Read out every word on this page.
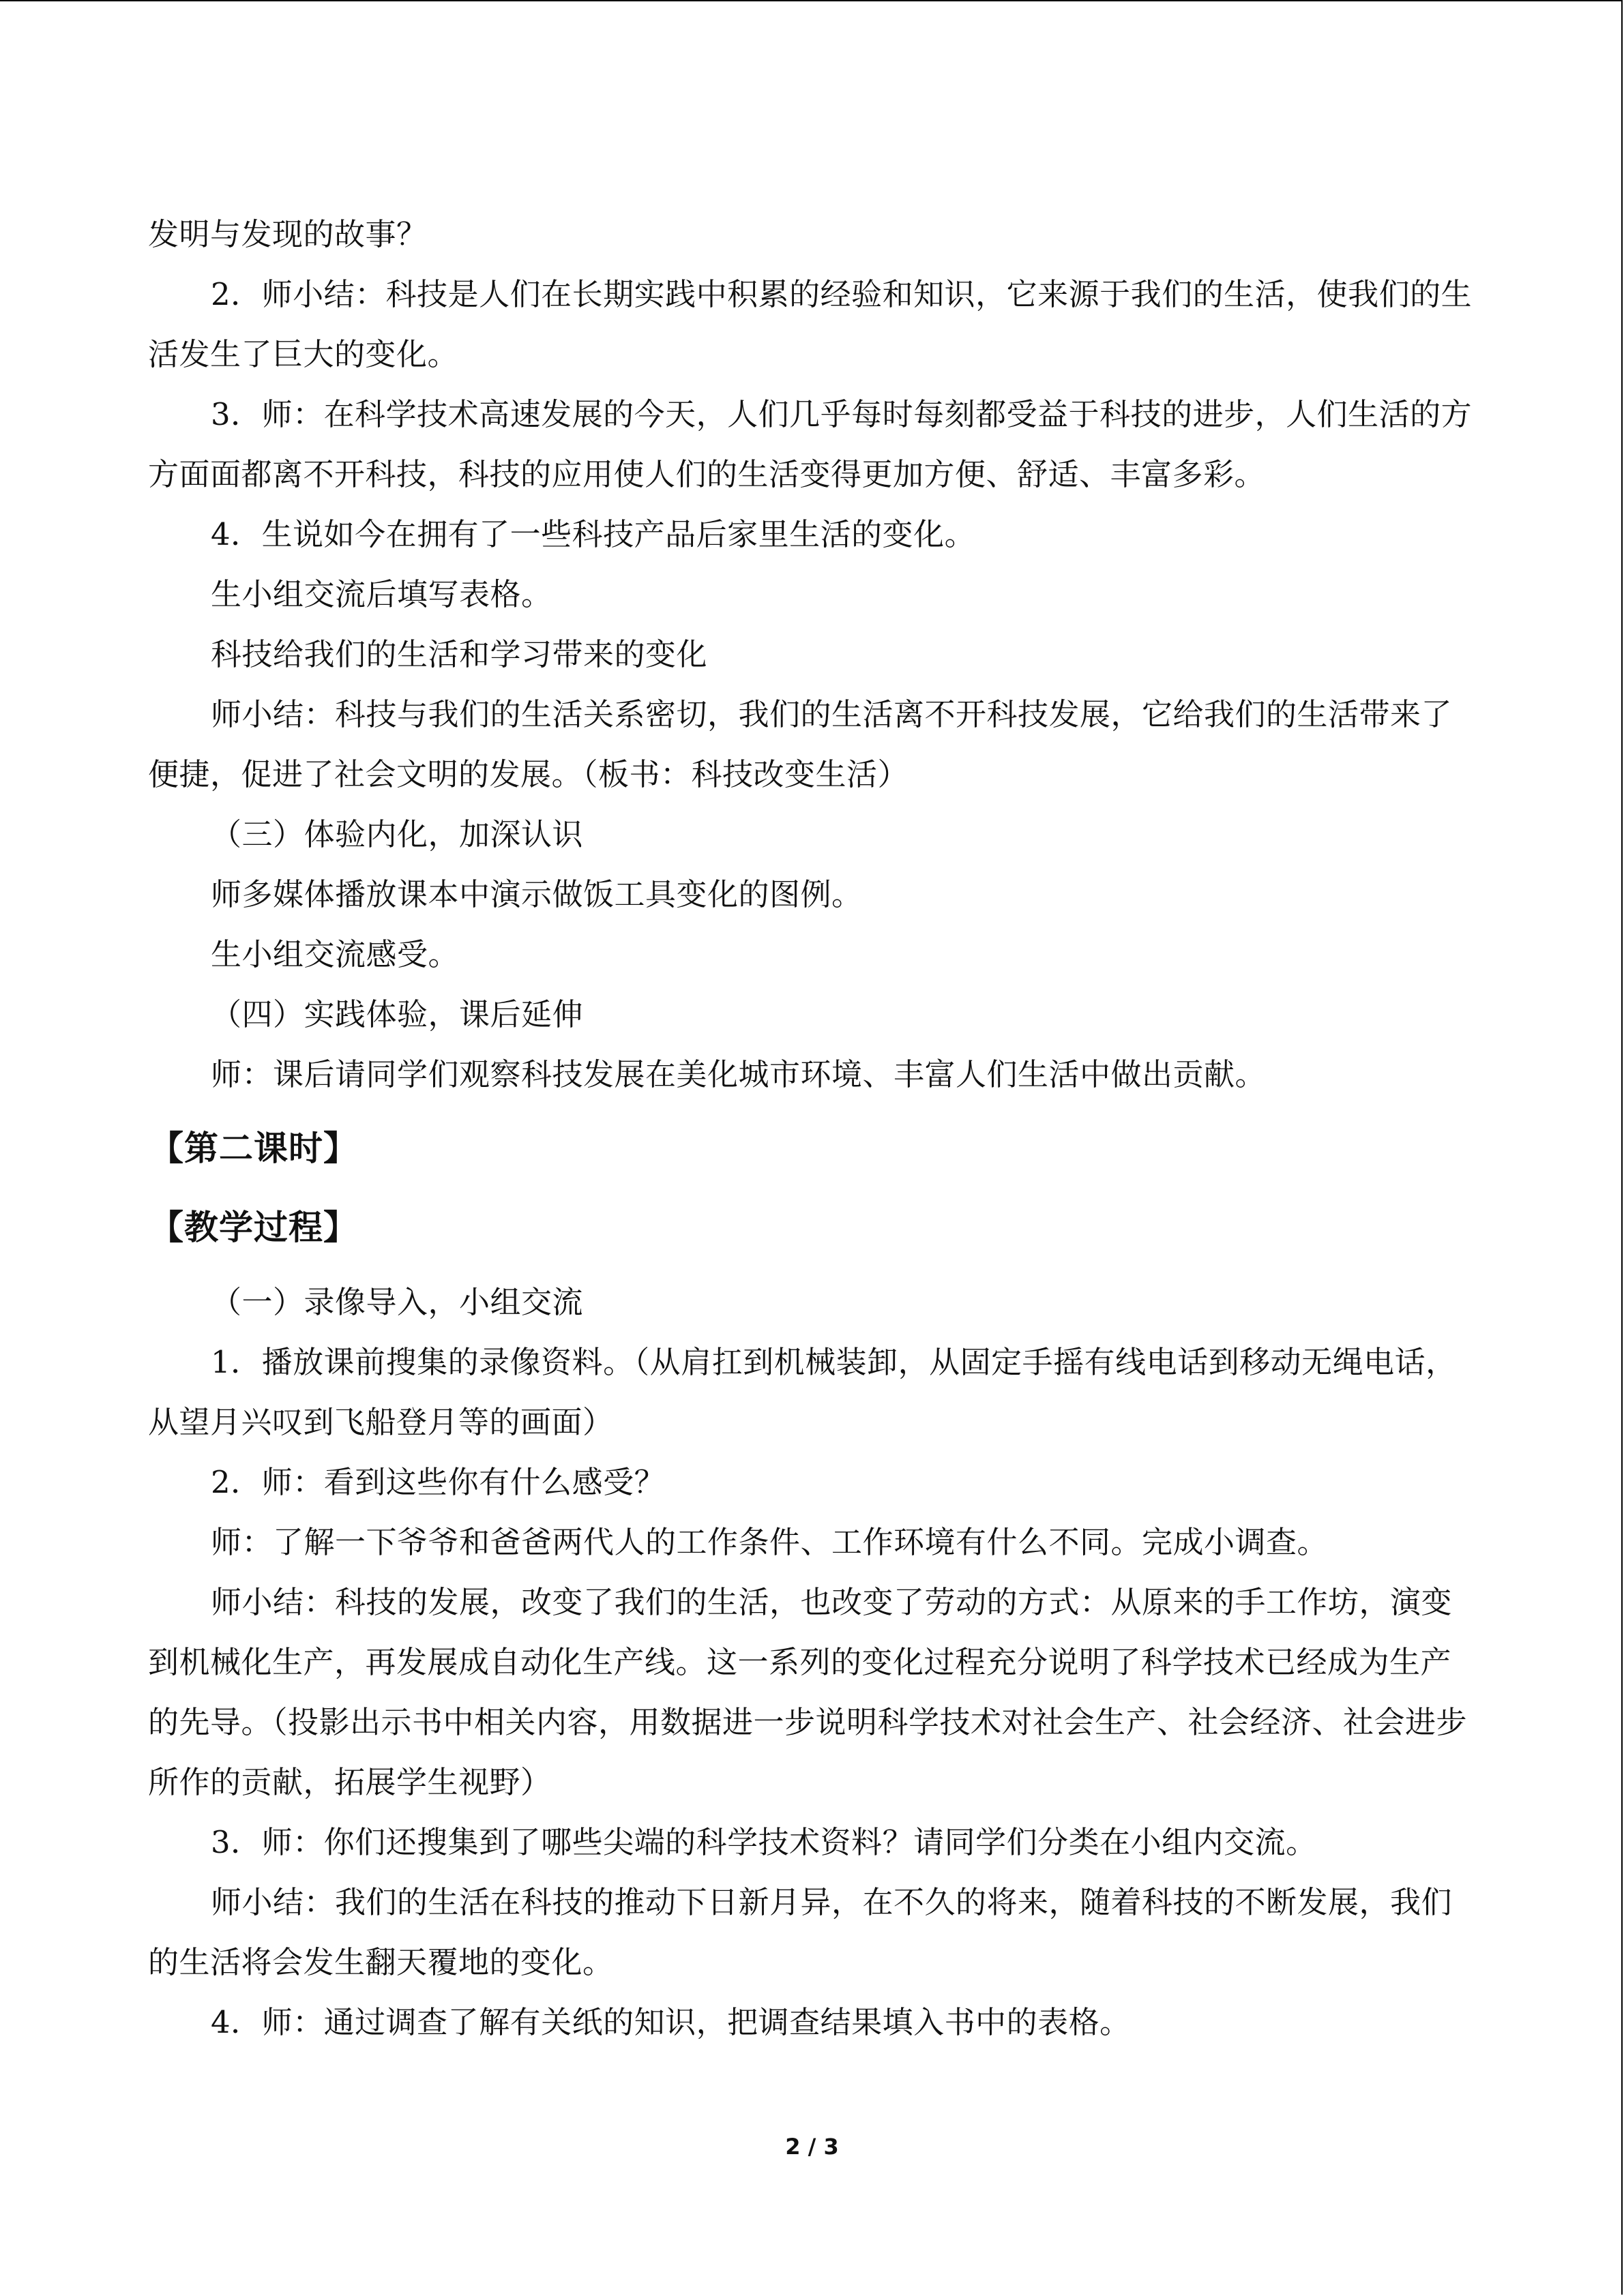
发明与发现的故事？

2．师小结：科技是人们在长期实践中积累的经验和知识，它来源于我们的生活，使我们的生活发生了巨大的变化。

3．师：在科学技术高速发展的今天，人们几乎每时每刻都受益于科技的进步，人们生活的方方面面都离不开科技，科技的应用使人们的生活变得更加方便、舒适、丰富多彩。

4．生说如今在拥有了一些科技产品后家里生活的变化。

生小组交流后填写表格。

科技给我们的生活和学习带来的变化

师小结：科技与我们的生活关系密切，我们的生活离不开科技发展，它给我们的生活带来了便捷，促进了社会文明的发展。（板书：科技改变生活）

（三）体验内化，加深认识

师多媒体播放课本中演示做饭工具变化的图例。

生小组交流感受。

（四）实践体验，课后延伸

师：课后请同学们观察科技发展在美化城市环境、丰富人们生活中做出贡献。

【第二课时】
【教学过程】

（一）录像导入，小组交流

1．播放课前搜集的录像资料。（从肩扛到机械装卸，从固定手摇有线电话到移动无绳电话，从望月兴叹到飞船登月等的画面）

2．师：看到这些你有什么感受？

师：了解一下爷爷和爸爸两代人的工作条件、工作环境有什么不同。完成小调查。

师小结：科技的发展，改变了我们的生活，也改变了劳动的方式：从原来的手工作坊，演变到机械化生产，再发展成自动化生产线。这一系列的变化过程充分说明了科学技术已经成为生产的先导。（投影出示书中相关内容，用数据进一步说明科学技术对社会生产、社会经济、社会进步所作的贡献，拓展学生视野）

3．师：你们还搜集到了哪些尖端的科学技术资料？请同学们分类在小组内交流。

师小结：我们的生活在科技的推动下日新月异，在不久的将来，随着科技的不断发展，我们的生活将会发生翻天覆地的变化。

4．师：通过调查了解有关纸的知识，把调查结果填入书中的表格。

2 / 3
